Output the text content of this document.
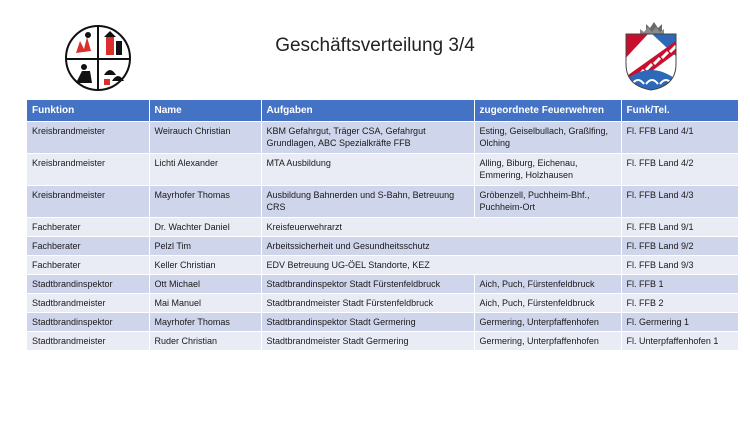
Geschäftsverteilung 3/4
Funktion	Name	Aufgaben	zugeordnete Feuerwehren	Funk/Tel.
Kreisbrandmeister	Weirauch Christian	KBM Gefahrgut, Träger CSA, Gefahrgut Grundlagen, ABC Spezialkräfte FFB	Esting, Geiselbullach, Graßlfing, Olching	Fl. FFB Land 4/1
Kreisbrandmeister	Lichti Alexander	MTA Ausbildung	Alling, Biburg, Eichenau, Emmering, Holzhausen	Fl. FFB Land 4/2
Kreisbrandmeister	Mayrhofer Thomas	Ausbildung Bahnerden und S-Bahn, Betreuung CRS	Gröbenzell, Puchheim-Bhf., Puchheim-Ort	Fl. FFB Land 4/3
Fachberater	Dr. Wachter Daniel	Kreisfeuerwehrarzt		Fl. FFB Land 9/1
Fachberater	Pelzl Tim	Arbeitssicherheit und Gesundheitsschutz		Fl. FFB Land 9/2
Fachberater	Keller Christian	EDV Betreuung UG-ÖEL Standorte, KEZ		Fl. FFB Land 9/3
Stadtbrandinspektor	Ott Michael	Stadtbrandinspektor Stadt Fürstenfeldbruck	Aich, Puch, Fürstenfeldbruck	Fl. FFB 1
Stadtbrandmeister	Mai Manuel	Stadtbrandmeister Stadt Fürstenfeldbruck	Aich, Puch, Fürstenfeldbruck	Fl. FFB 2
Stadtbrandinspektor	Mayrhofer Thomas	Stadtbrandinspektor Stadt Germering	Germering, Unterpfaffenhofen	Fl. Germering 1
Stadtbrandmeister	Ruder Christian	Stadtbrandmeister Stadt Germering	Germering, Unterpfaffenhofen	Fl. Unterpfaffenhofen 1
